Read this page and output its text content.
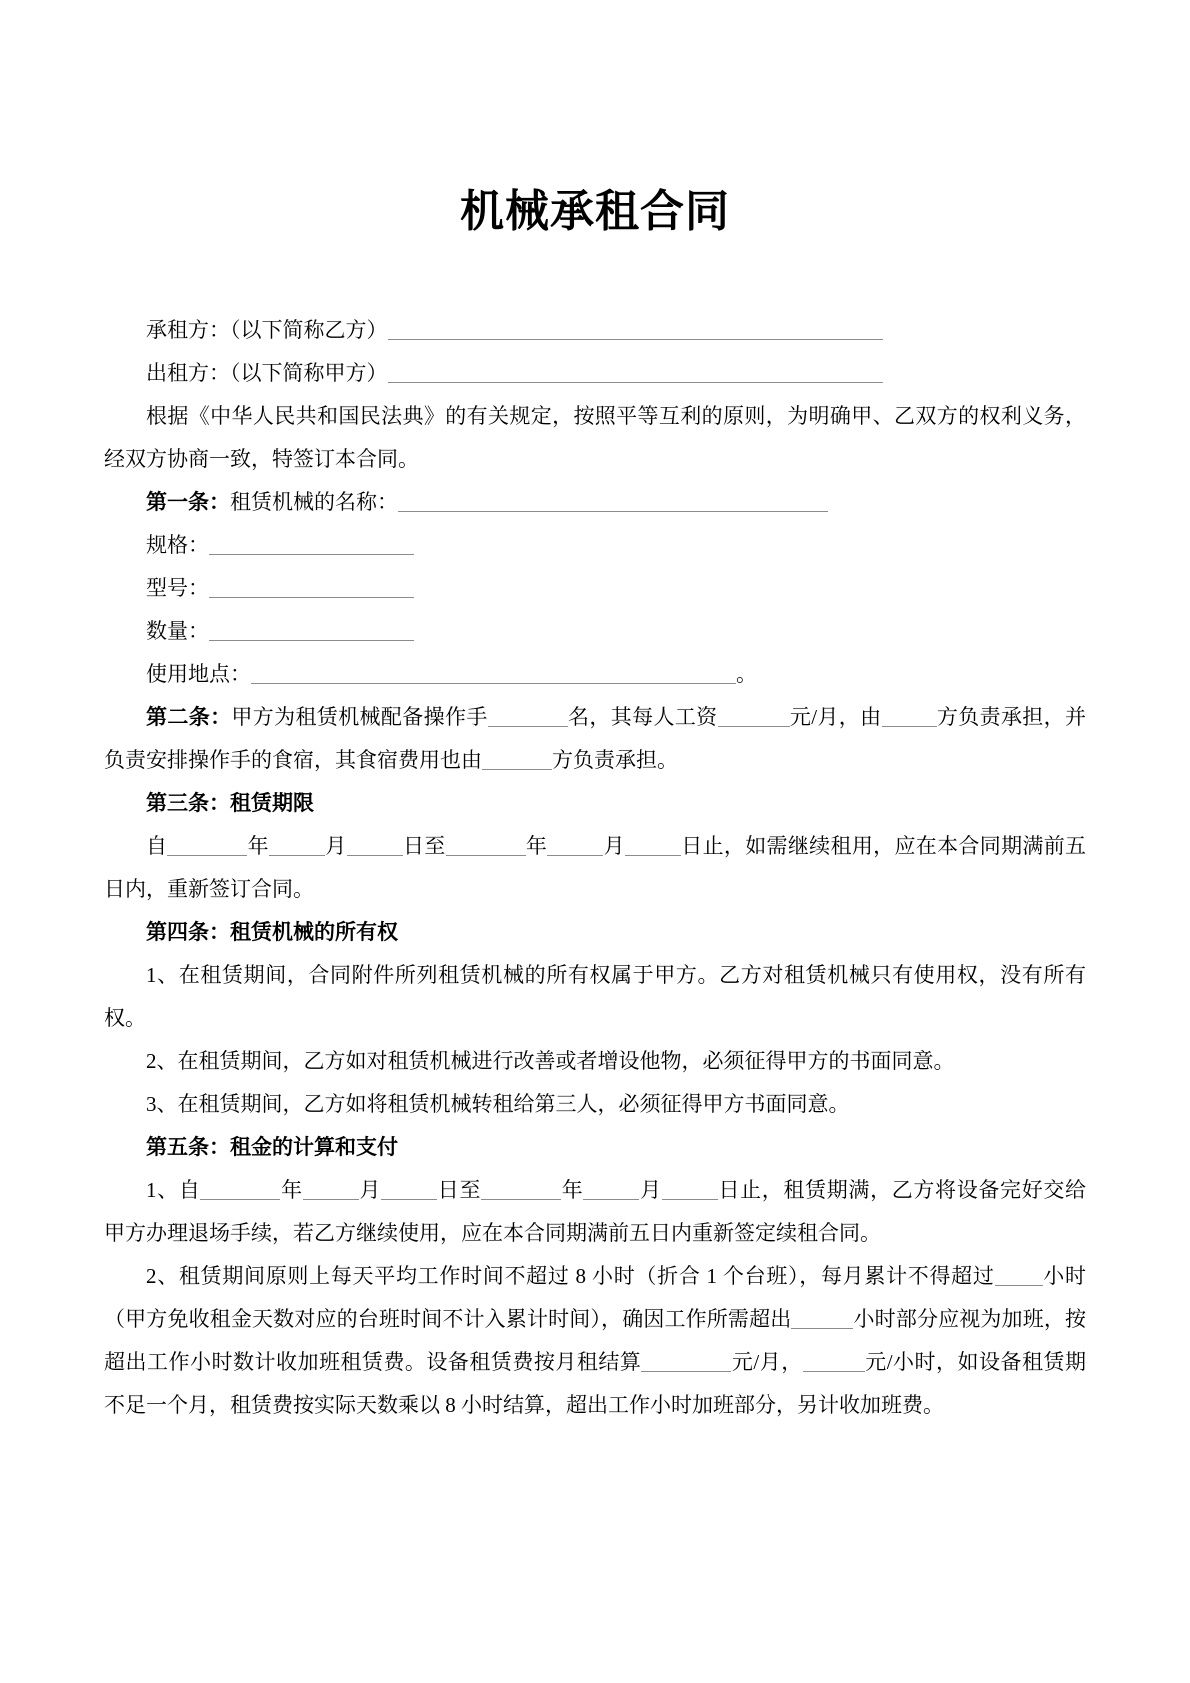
机械承租合同

承租方：（以下简称乙方）

出租方：（以下简称甲方）

根据《中华人民共和国民法典》的有关规定，按照平等互利的原则，为明确甲、乙双方的权利义务，经双方协商一致，特签订本合同。

第一条：租赁机械的名称：

规格：

型号：

数量：

使用地点：	。

第二条：甲方为租赁机械配备操作手	名，其每人工资	元/月，由	方负责承担，并负责安排操作手的食宿，其食宿费用也由	方负责承担。

第三条：租赁期限

自	年	月	日至	年	月	日止，如需继续租用，应在本合同期满前五日内，重新签订合同。

第四条：租赁机械的所有权

1、在租赁期间，合同附件所列租赁机械的所有权属于甲方。乙方对租赁机械只有使用权，没有所有权。

2、在租赁期间，乙方如对租赁机械进行改善或者增设他物，必须征得甲方的书面同意。

3、在租赁期间，乙方如将租赁机械转租给第三人，必须征得甲方书面同意。

第五条：租金的计算和支付

1、自	年	月	日至	年	月	日止，租赁期满，乙方将设备完好交给甲方办理退场手续，若乙方继续使用，应在本合同期满前五日内重新签定续租合同。

2、租赁期间原则上每天平均工作时间不超过 8 小时（折合 1 个台班），每月累计不得超过 小时（甲方免收租金天数对应的台班时间不计入累计时间），确因工作所需超出	小时部分应视为加班，按超出工作小时数计收加班租赁费。设备租赁费按月租结算	元/月，	元/小时，如设备租赁期不足一个月，租赁费按实际天数乘以 8 小时结算，超出工作小时加班部分，另计收加班费。
